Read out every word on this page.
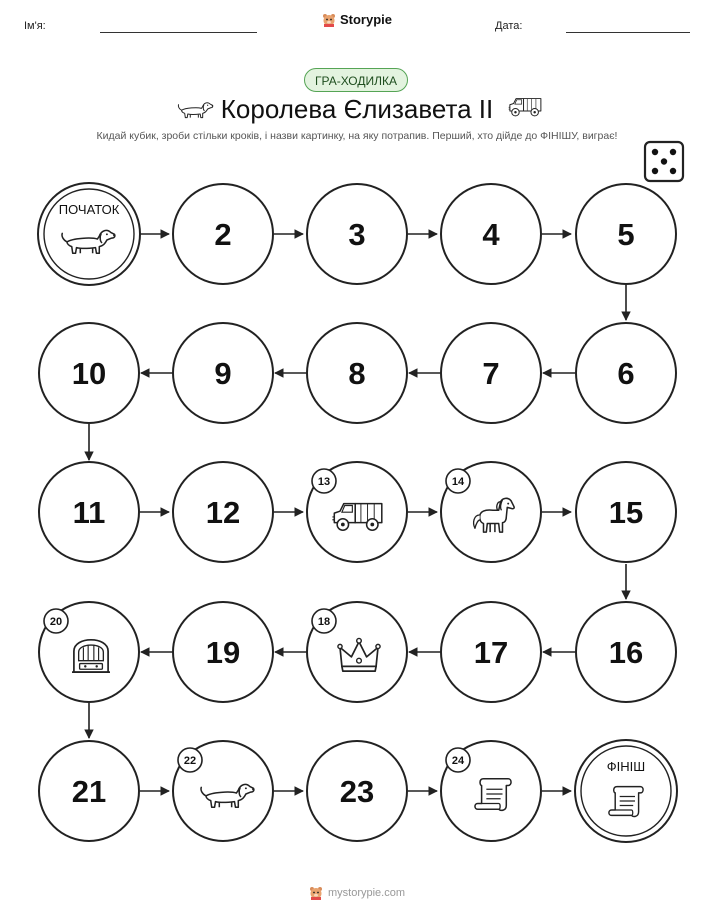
Ім'я:	Дата:
Storypie
ГРА-ХОДИЛКА
Королева Єлизавета II
Кидай кубик, зроби стільки кроків, і назви картинку, на яку потрапив. Перший, хто дійде до ФІНІШУ, виграє!
ПОЧАТОК
ФІНІШ
2	3	4	5
6
7
8
9
10
11	12
13	14
15
16
17
18
19
20
21
22
23
24
mystorypie.com
